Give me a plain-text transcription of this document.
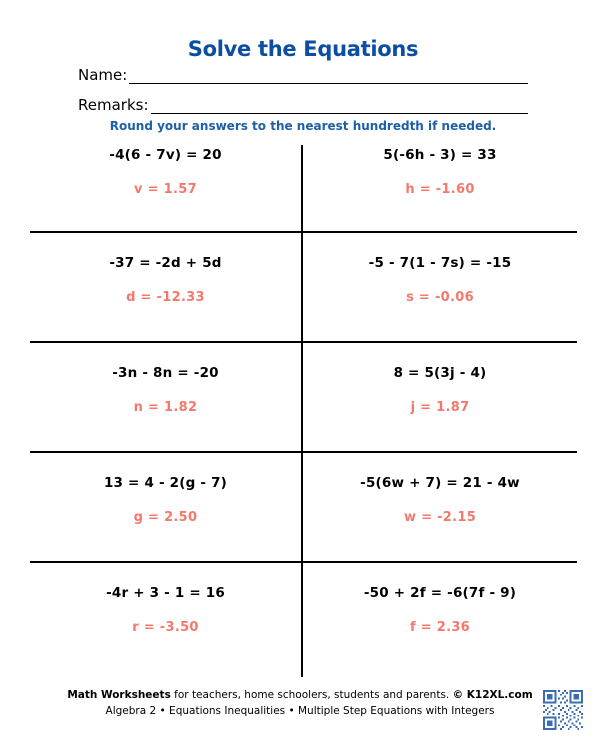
Solve the Equations
Name:
Remarks:
Round your answers to the nearest hundredth if needed.
-4(6 - 7v) = 20
v = 1.57
5(-6h - 3) = 33
h = -1.60
-37 = -2d + 5d
d = -12.33
-5 - 7(1 - 7s) = -15
s = -0.06
-3n - 8n = -20
n = 1.82
8 = 5(3j - 4)
j = 1.87
13 = 4 - 2(g - 7)
g = 2.50
-5(6w + 7) = 21 - 4w
w = -2.15
-4r + 3 - 1 = 16
r = -3.50
-50 + 2f = -6(7f - 9)
f = 2.36
Math Worksheets for teachers, home schoolers, students and parents. © K12XL.com
Algebra 2 • Equations Inequalities • Multiple Step Equations with Integers
